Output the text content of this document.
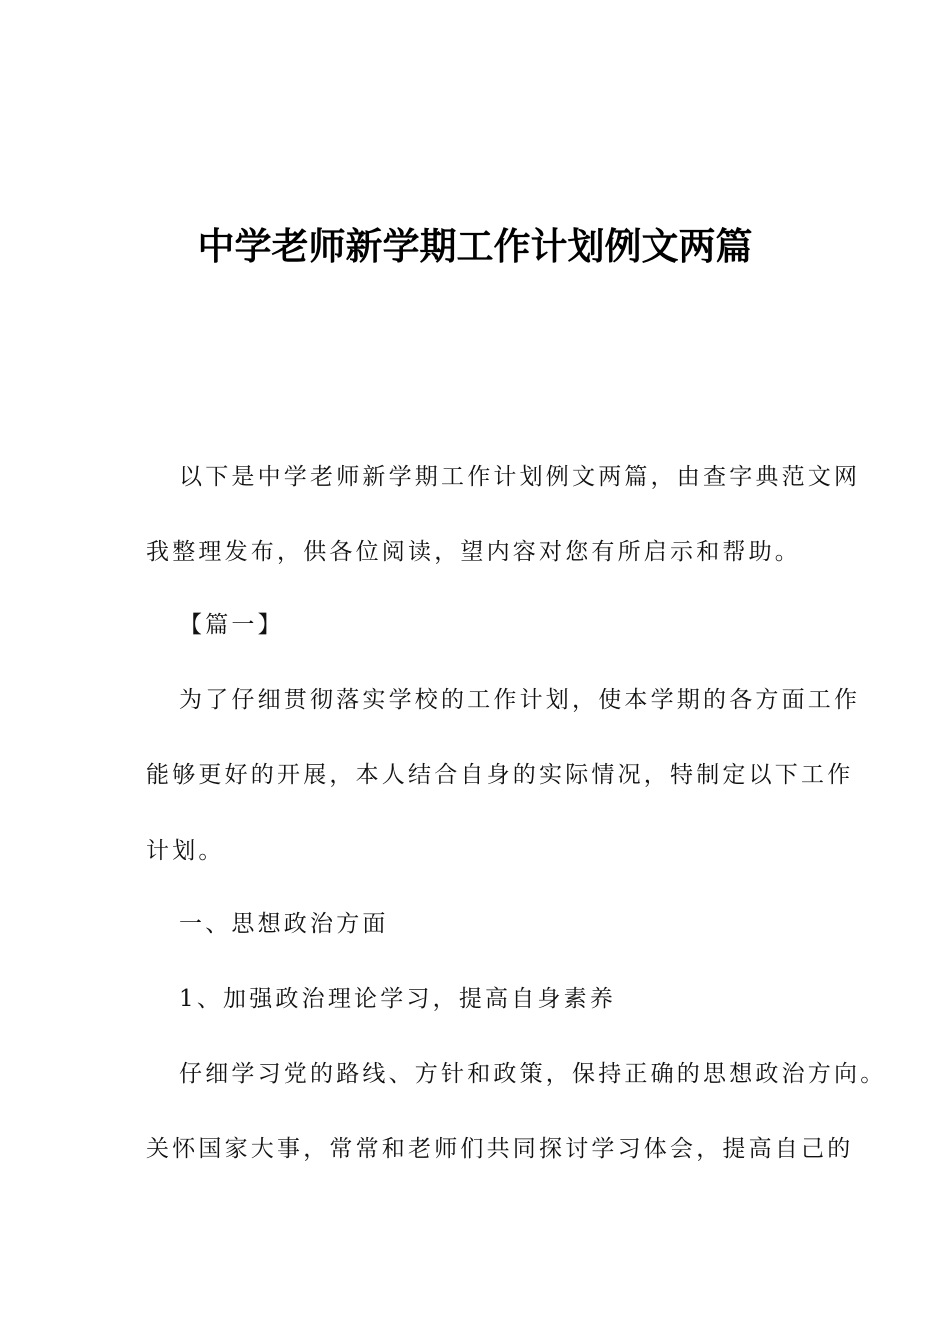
中学老师新学期工作计划例文两篇
以下是中学老师新学期工作计划例文两篇，由查字典范文网
我整理发布，供各位阅读，望内容对您有所启示和帮助。
【篇一】
为了仔细贯彻落实学校的工作计划，使本学期的各方面工作
能够更好的开展，本人结合自身的实际情况，特制定以下工作
计划。
一、思想政治方面
1、加强政治理论学习，提高自身素养
仔细学习党的路线、方针和政策，保持正确的思想政治方向。
关怀国家大事，常常和老师们共同探讨学习体会，提高自己的
